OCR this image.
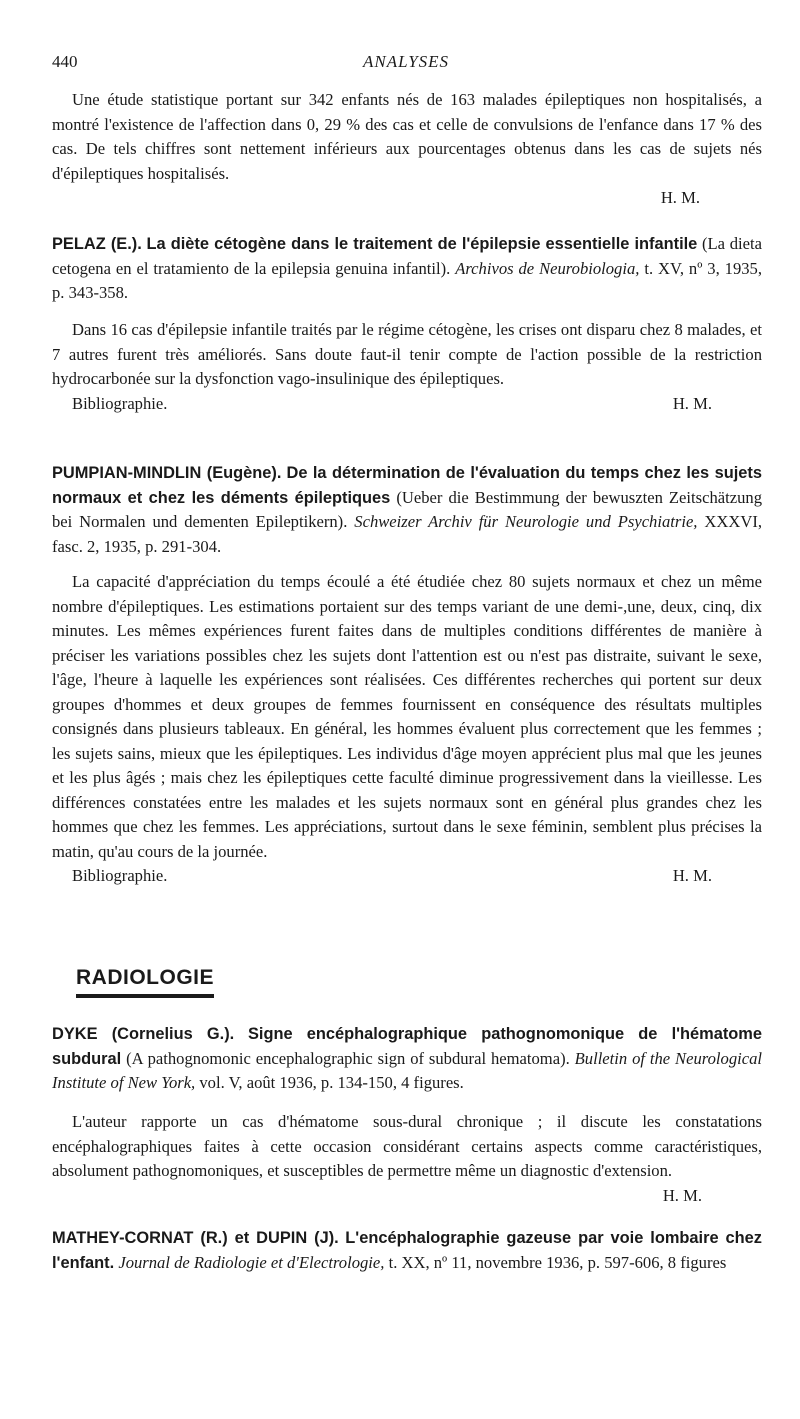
440	ANALYSES
Une étude statistique portant sur 342 enfants nés de 163 malades épileptiques non hospitalisés, a montré l'existence de l'affection dans 0, 29 % des cas et celle de convulsions de l'enfance dans 17 % des cas. De tels chiffres sont nettement inférieurs aux pourcentages obtenus dans les cas de sujets nés d'épileptiques hospitalisés.
H. M.
PELAZ (E.). La diète cétogène dans le traitement de l'épilepsie essentielle infantile (La dieta cetogena en el tratamiento de la epilepsia genuina infantil). Archivos de Neurobiologia, t. XV, nº 3, 1935, p. 343-358.
Dans 16 cas d'épilepsie infantile traités par le régime cétogène, les crises ont disparu chez 8 malades, et 7 autres furent très améliorés. Sans doute faut-il tenir compte de l'action possible de la restriction hydrocarbonée sur la dysfonction vago-insulinique des épileptiques.
Bibliographie.	H. M.
PUMPIAN-MINDLIN (Eugène). De la détermination de l'évaluation du temps chez les sujets normaux et chez les déments épileptiques (Ueber die Bestimmung der bewuszten Zeitschätzung bei Normalen und dementen Epileptikern). Schweizer Archiv für Neurologie und Psychiatrie, XXXVI, fasc. 2, 1935, p. 291-304.
La capacité d'appréciation du temps écoulé a été étudiée chez 80 sujets normaux et chez un même nombre d'épileptiques. Les estimations portaient sur des temps variant de une demi-,une, deux, cinq, dix minutes. Les mêmes expériences furent faites dans de multiples conditions différentes de manière à préciser les variations possibles chez les sujets dont l'attention est ou n'est pas distraite, suivant le sexe, l'âge, l'heure à laquelle les expériences sont réalisées. Ces différentes recherches qui portent sur deux groupes d'hommes et deux groupes de femmes fournissent en conséquence des résultats multiples consignés dans plusieurs tableaux. En général, les hommes évaluent plus correctement que les femmes ; les sujets sains, mieux que les épileptiques. Les individus d'âge moyen apprécient plus mal que les jeunes et les plus âgés ; mais chez les épileptiques cette faculté diminue progressivement dans la vieillesse. Les différences constatées entre les malades et les sujets normaux sont en général plus grandes chez les hommes que chez les femmes. Les appréciations, surtout dans le sexe féminin, semblent plus précises la matin, qu'au cours de la journée.
Bibliographie.	H. M.
RADIOLOGIE
DYKE (Cornelius G.). Signe encéphalographique pathognomonique de l'hématome subdural (A pathognomonic encephalographic sign of subdural hematoma). Bulletin of the Neurological Institute of New York, vol. V, août 1936, p. 134-150, 4 figures.
L'auteur rapporte un cas d'hématome sous-dural chronique ; il discute les constatations encéphalographiques faites à cette occasion considérant certains aspects comme caractéristiques, absolument pathognomoniques, et susceptibles de permettre même un diagnostic d'extension.
H. M.
MATHEY-CORNAT (R.) et DUPIN (J). L'encéphalographie gazeuse par voie lombaire chez l'enfant. Journal de Radiologie et d'Electrologie, t. XX, nº 11, novembre 1936, p. 597-606, 8 figures
